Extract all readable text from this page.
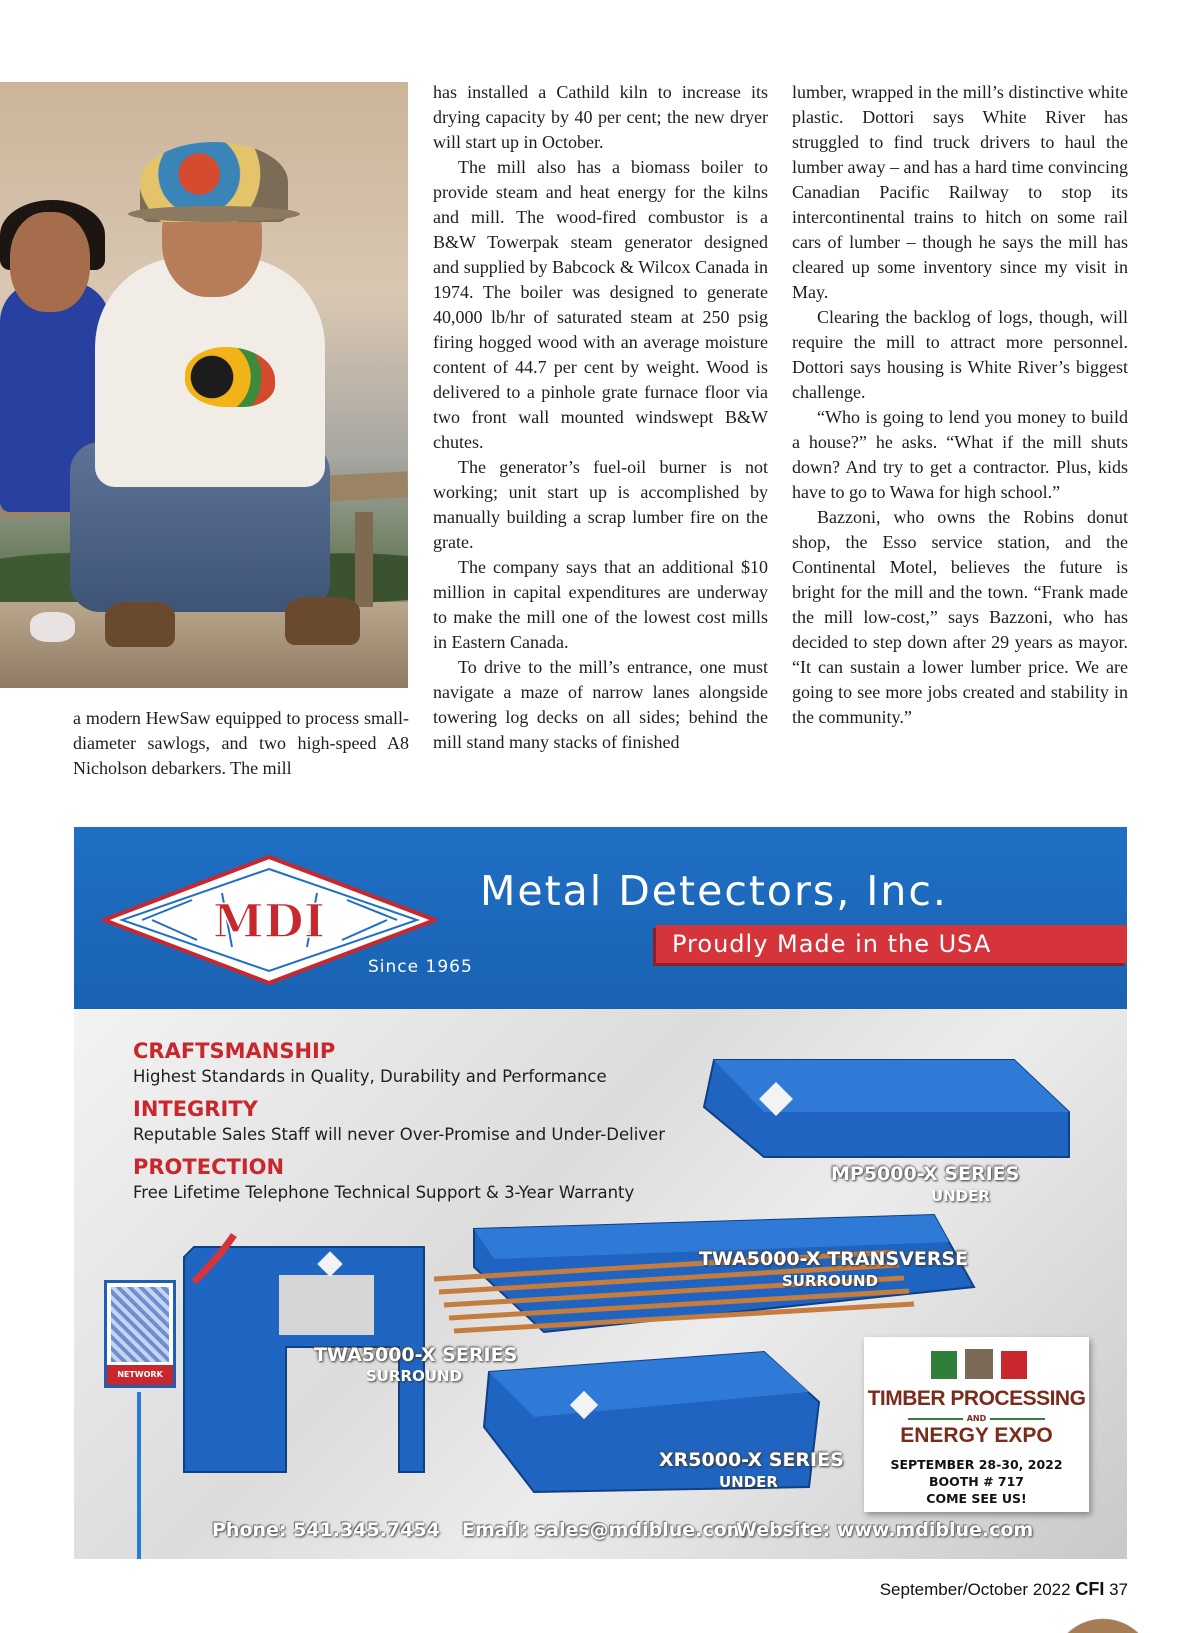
a modern HewSaw equipped to process small-diameter sawlogs, and two high-speed A8 Nicholson debarkers. The mill

has installed a Cathild kiln to increase its drying capacity by 40 per cent; the new dryer will start up in October.

The mill also has a biomass boiler to provide steam and heat energy for the kilns and mill. The wood-fired combustor is a B&W Towerpak steam generator designed and supplied by Babcock & Wilcox Canada in 1974. The boiler was designed to generate 40,000 lb/hr of saturated steam at 250 psig firing hogged wood with an average moisture content of 44.7 per cent by weight. Wood is delivered to a pinhole grate furnace floor via two front wall mounted windswept B&W chutes.

The generator’s fuel-oil burner is not working; unit start up is accomplished by manually building a scrap lumber fire on the grate.

The company says that an additional $10 million in capital expenditures are underway to make the mill one of the lowest cost mills in Eastern Canada.

To drive to the mill’s entrance, one must navigate a maze of narrow lanes alongside towering log decks on all sides; behind the mill stand many stacks of finished

lumber, wrapped in the mill’s distinctive white plastic. Dottori says White River has struggled to find truck drivers to haul the lumber away – and has a hard time convincing Canadian Pacific Railway to stop its intercontinental trains to hitch on some rail cars of lumber – though he says the mill has cleared up some inventory since my visit in May.

Clearing the backlog of logs, though, will require the mill to attract more personnel. Dottori says housing is White River’s biggest challenge.

“Who is going to lend you money to build a house?” he asks. “What if the mill shuts down? And try to get a contractor. Plus, kids have to go to Wawa for high school.”

Bazzoni, who owns the Robins donut shop, the Esso service station, and the Continental Motel, believes the future is bright for the mill and the town. “Frank made the mill low-cost,” says Bazzoni, who has decided to step down after 29 years as mayor. “It can sustain a lower lumber price. We are going to see more jobs created and stability in the community.”

MDI
Since 1965
Metal Detectors, Inc.
Proudly Made in the USA
CRAFTSMANSHIP
Highest Standards in Quality, Durability and Performance
INTEGRITY
Reputable Sales Staff will never Over-Promise and Under-Deliver
PROTECTION
Free Lifetime Telephone Technical Support & 3-Year Warranty
MP5000-X SERIES
UNDER
TWA5000-X TRANSVERSE
SURROUND
TWA5000-X SERIES
SURROUND
XR5000-X SERIES
UNDER
NETWORK
TIMBER PROCESSING
AND
ENERGY EXPO
SEPTEMBER 28-30, 2022
BOOTH # 717
COME SEE US!
Phone: 541.345.7454 Email: sales@mdiblue.com
Website: www.mdiblue.com
September/October 2022 CFI 37
